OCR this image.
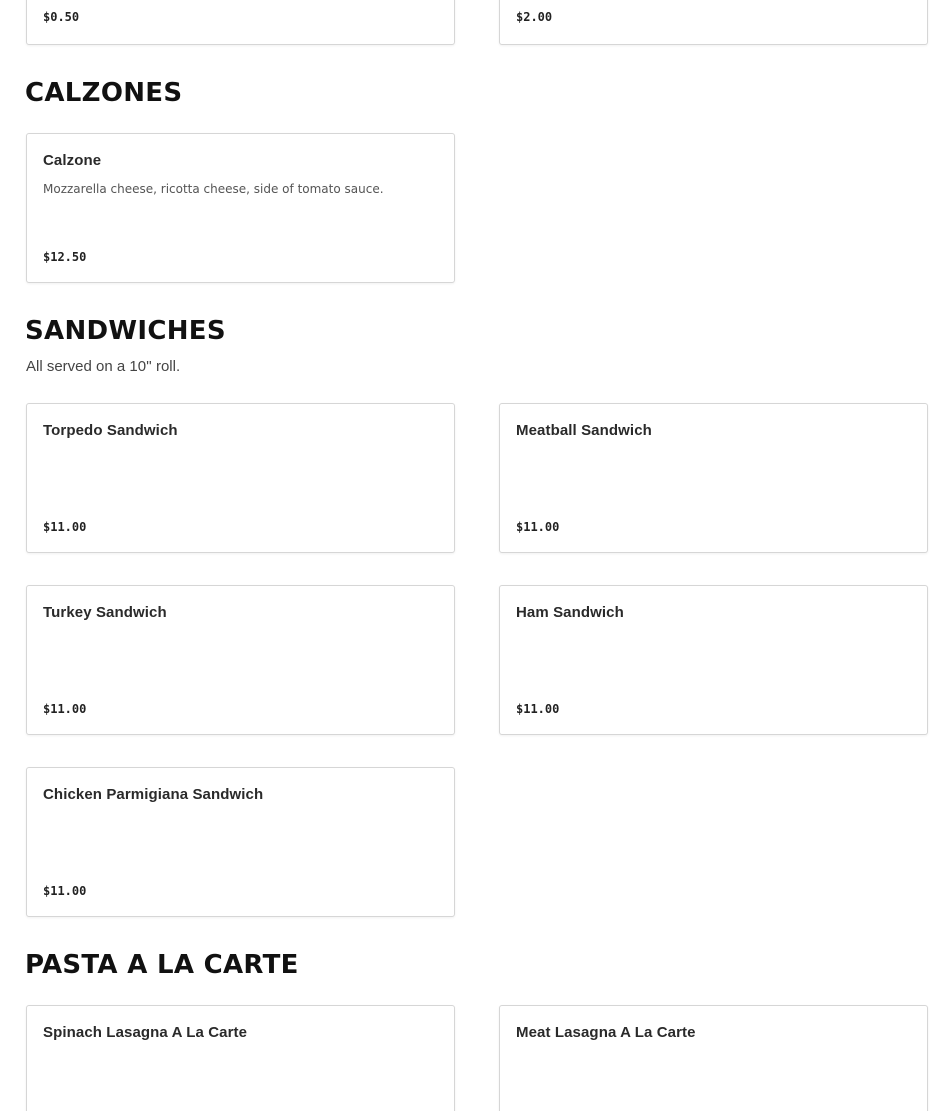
$0.50	$2.00
CALZONES
Calzone
Mozzarella cheese, ricotta cheese, side of tomato sauce.
$12.50
SANDWICHES

All served on a 10'' roll.

Torpedo Sandwich
$11.00
Meatball Sandwich
$11.00
Turkey Sandwich
$11.00
Ham Sandwich
$11.00
Chicken Parmigiana Sandwich
$11.00
PASTA A LA CARTE
Spinach Lasagna A La Carte	Meat Lasagna A La Carte
